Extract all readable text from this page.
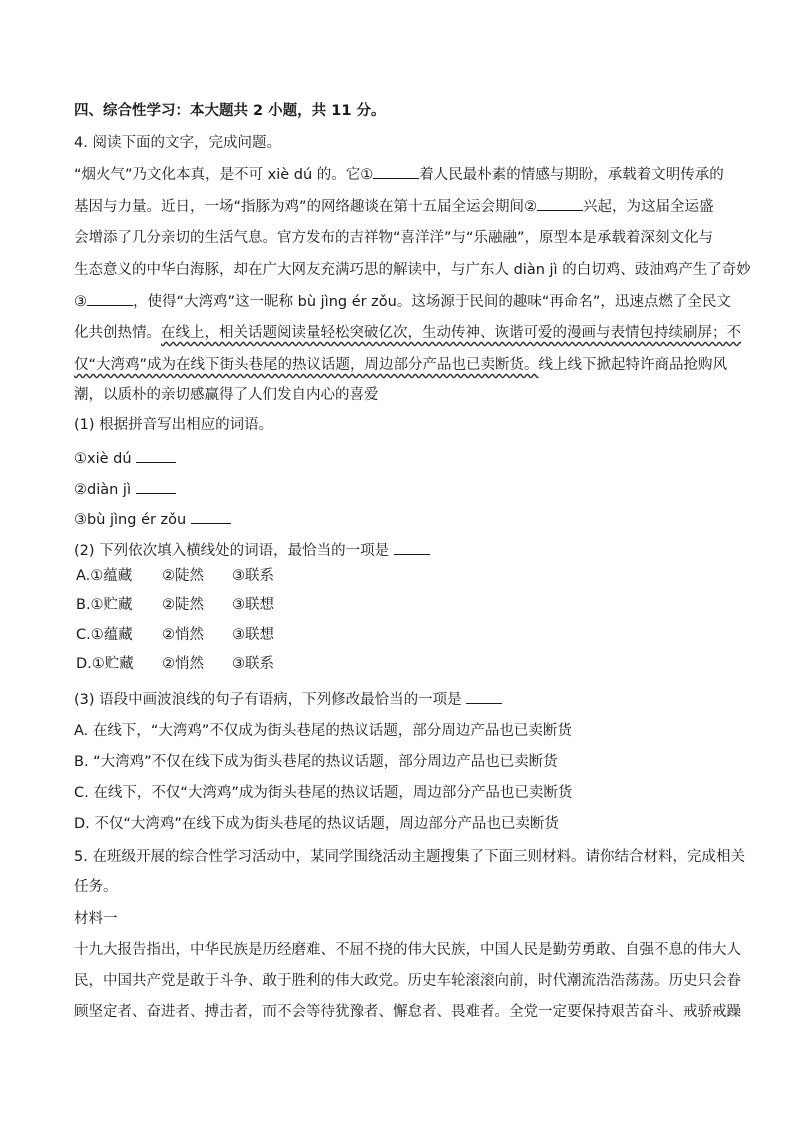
四、综合性学习：本大题共 2 小题，共 11 分。
4. 阅读下面的文字，完成问题。
“烟火气”乃文化本真，是不可 xiè dú 的。它①	着人民最朴素的情感与期盼，承载着文明传承的
基因与力量。近日，一场“指豚为鸡”的网络趣谈在第十五届全运会期间②	兴起，为这届全运盛
会增添了几分亲切的生活气息。官方发布的吉祥物“喜洋洋”与“乐融融”，原型本是承载着深刻文化与
生态意义的中华白海豚，却在广大网友充满巧思的解读中，与广东人 diàn jì 的白切鸡、豉油鸡产生了奇妙
③	，使得“大湾鸡”这一昵称 bù jìng ér zǒu。这场源于民间的趣味“再命名”，迅速点燃了全民文
化共创热情。在线上，相关话题阅读量轻松突破亿次，生动传神、诙谐可爱的漫画与表情包持续刷屏；不
仅“大湾鸡”成为在线下街头巷尾的热议话题，周边部分产品也已卖断货。线上线下掀起特许商品抢购风
潮，以质朴的亲切感赢得了人们发自内心的喜爱
(1) 根据拼音写出相应的词语。
①xiè dú
②diàn jì
③bù jìng ér zǒu
(2) 下列依次填入横线处的词语，最恰当的一项是
A.①蕴藏 ②陡然 ③联系
B.①贮藏 ②陡然 ③联想
C.①蕴藏 ②悄然 ③联想
D.①贮藏 ②悄然 ③联系
(3) 语段中画波浪线的句子有语病，下列修改最恰当的一项是
A. 在线下，“大湾鸡”不仅成为街头巷尾的热议话题，部分周边产品也已卖断货
B. “大湾鸡”不仅在线下成为街头巷尾的热议话题，部分周边产品也已卖断货
C. 在线下，不仅“大湾鸡”成为街头巷尾的热议话题，周边部分产品也已卖断货
D. 不仅“大湾鸡”在线下成为街头巷尾的热议话题，周边部分产品也已卖断货
5. 在班级开展的综合性学习活动中，某同学围绕活动主题搜集了下面三则材料。请你结合材料，完成相关
任务。
材料一
十九大报告指出，中华民族是历经磨难、不屈不挠的伟大民族，中国人民是勤劳勇敢、自强不息的伟大人
民，中国共产党是敢于斗争、敢于胜利的伟大政党。历史车轮滚滚向前，时代潮流浩浩荡荡。历史只会眷
顾坚定者、奋进者、搏击者，而不会等待犹豫者、懈怠者、畏难者。全党一定要保持艰苦奋斗、戒骄戒躁
